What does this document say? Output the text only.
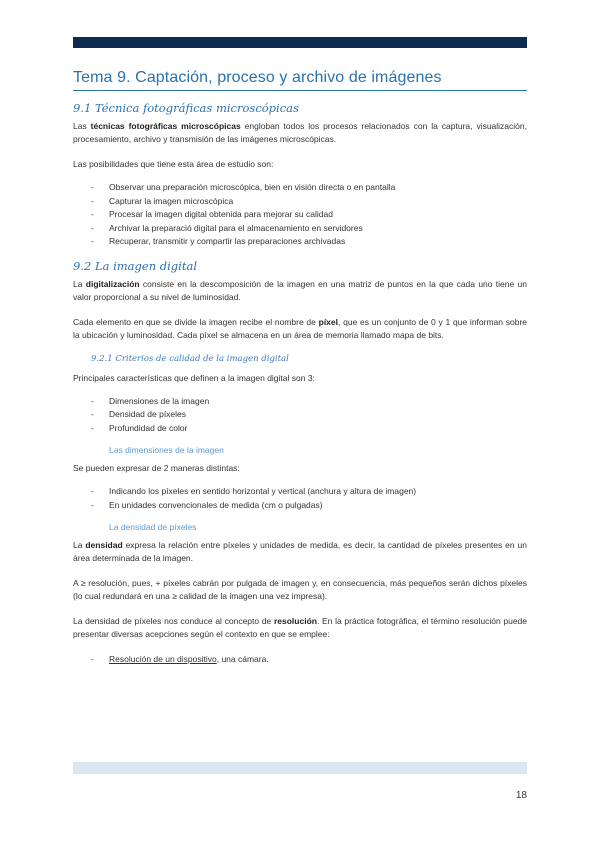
Tema 9. Captación, proceso y archivo de imágenes
9.1 Técnica fotográficas microscópicas

Las técnicas fotográficas microscópicas engloban todos los procesos relacionados con la captura, visualización, procesamiento, archivo y transmisión de las imágenes microscópicas.

Las posibilidades que tiene esta área de estudio son:

- Observar una preparación microscópica, bien en visión directa o en pantalla
- Capturar la imagen microscópica
- Procesar la imagen digital obtenida para mejorar su calidad
- Archivar la preparació digital para el almacenamiento en servidores
- Recuperar, transmitir y compartir las preparaciones archivadas
9.2 La imagen digital

La digitalización consiste en la descomposición de la imagen en una matriz de puntos en la que cada uno tiene un valor proporcional a su nivel de luminosidad.

Cada elemento en que se divide la imagen recibe el nombre de píxel, que es un conjunto de 0 y 1 que informan sobre la ubicación y luminosidad. Cada píxel se almacena en un área de memoria llamado mapa de bits.

9.2.1 Criterios de calidad de la imagen digital

Principales características que definen a la imagen digital son 3:

- Dimensiones de la imagen
- Densidad de píxeles
- Profundidad de color
Las dimensiones de la imagen

Se pueden expresar de 2 maneras distintas:

- Indicando los píxeles en sentido horizontal y vertical (anchura y altura de imagen)
- En unidades convencionales de medida (cm o pulgadas)
La densidad de píxeles

La densidad expresa la relación entre píxeles y unidades de medida, es decir, la cantidad de píxeles presentes en un área determinada de la imagen.

A ≥ resolución, pues, + píxeles cabrán por pulgada de imagen y, en consecuencia, más pequeños serán dichos píxeles (lo cual redundará en una ≥ calidad de la imagen una vez impresa).

La densidad de píxeles nos conduce al concepto de resolución. En la práctica fotográfica, el término resolución puede presentar diversas acepciones según el contexto en que se emplee:

- Resolución de un dispositivo, una cámara.
18
